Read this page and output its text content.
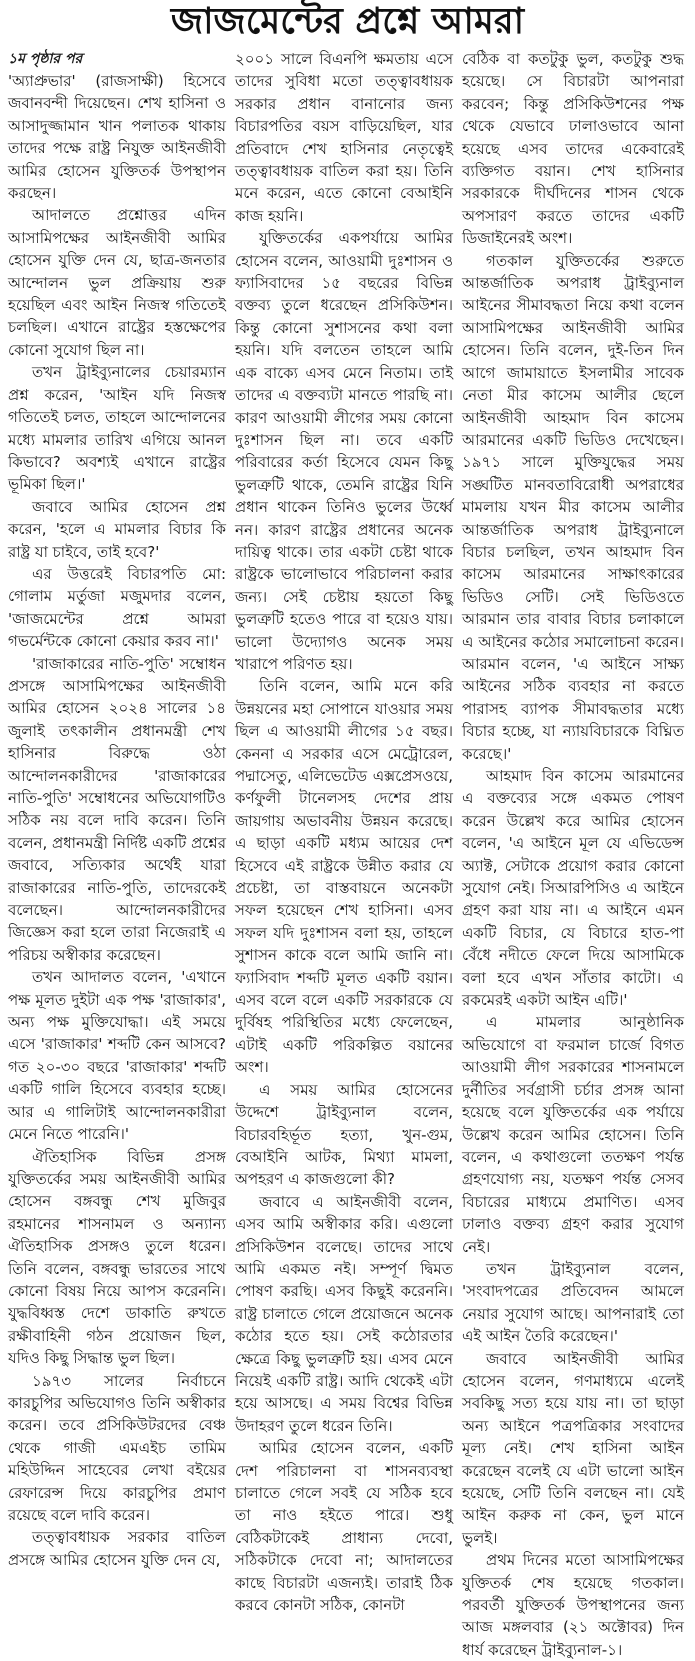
জাজমেন্টের প্রশ্নে আমরা
১ম পৃষ্ঠার পর

'অ্যাপ্রুভার' (রাজসাক্ষী) হিসেবে জবানবন্দী দিয়েছেন। শেখ হাসিনা ও আসাদুজ্জামান খান পলাতক থাকায় তাদের পক্ষে রাষ্ট্র নিযুক্ত আইনজীবী আমির হোসেন যুক্তিতর্ক উপস্থাপন করছেন।

আদালতে প্রশ্নোত্তর এদিন আসামিপক্ষের আইনজীবী আমির হোসেন যুক্তি দেন যে, ছাত্র-জনতার আন্দোলন ভুল প্রক্রিয়ায় শুরু হয়েছিল এবং আইন নিজস্ব গতিতেই চলছিল। এখানে রাষ্ট্রের হস্তক্ষেপের কোনো সুযোগ ছিল না।

তখন ট্রাইব্যুনালের চেয়ারম্যান প্রশ্ন করেন, 'আইন যদি নিজস্ব গতিতেই চলত, তাহলে আন্দোলনের মধ্যে মামলার তারিখ এগিয়ে আনল কিভাবে? অবশ্যই এখানে রাষ্ট্রের ভূমিকা ছিল।'

জবাবে আমির হোসেন প্রশ্ন করেন, 'হলে এ মামলার বিচার কি রাষ্ট্র যা চাইবে, তাই হবে?'

এর উত্তরেই বিচারপতি মো: গোলাম মর্তুজা মজুমদার বলেন, 'জাজমেন্টের প্রশ্নে আমরা গভর্মেন্টকে কোনো কেয়ার করব না।'

'রাজাকারের নাতি-পুতি' সম্বোধন প্রসঙ্গে আসামিপক্ষের আইনজীবী আমির হোসেন ২০২৪ সালের ১৪ জুলাই তৎকালীন প্রধানমন্ত্রী শেখ হাসিনার বিরুদ্ধে ওঠা আন্দোলনকারীদের 'রাজাকারের নাতি-পুতি' সম্বোধনের অভিযোগটিও সঠিক নয় বলে দাবি করেন। তিনি বলেন, প্রধানমন্ত্রী নির্দিষ্ট একটি প্রশ্নের জবাবে, সত্যিকার অর্থেই যারা রাজাকারের নাতি-পুতি, তাদেরকেই বলেছেন। আন্দোলনকারীদের জিজ্ঞেস করা হলে তারা নিজেরাই এ পরিচয় অস্বীকার করেছেন।

তখন আদালত বলেন, 'এখানে পক্ষ মূলত দুইটা এক পক্ষ 'রাজাকার', অন্য পক্ষ মুক্তিযোদ্ধা। এই সময়ে এসে 'রাজাকার' শব্দটি কেন আসবে? গত ২০-৩০ বছরে 'রাজাকার' শব্দটি একটি গালি হিসেবে ব্যবহার হচ্ছে। আর এ গালিটাই আন্দোলনকারীরা মেনে নিতে পারেনি।'

ঐতিহাসিক বিভিন্ন প্রসঙ্গ যুক্তিতর্কের সময় আইনজীবী আমির হোসেন বঙ্গবন্ধু শেখ মুজিবুর রহমানের শাসনামল ও অন্যান্য ঐতিহাসিক প্রসঙ্গও তুলে ধরেন। তিনি বলেন, বঙ্গবন্ধু ভারতের সাথে কোনো বিষয় নিয়ে আপস করেননি। যুদ্ধবিধ্বস্ত দেশে ডাকাতি রুখতে রক্ষীবাহিনী গঠন প্রয়োজন ছিল, যদিও কিছু সিদ্ধান্ত ভুল ছিল।

১৯৭৩ সালের নির্বাচনে কারচুপির অভিযোগও তিনি অস্বীকার করেন। তবে প্রসিকিউটরদের বেঞ্চ থেকে গাজী এমএইচ তামিম মহিউদ্দিন সাহেবের লেখা বইয়ের রেফারেন্স দিয়ে কারচুপির প্রমাণ রয়েছে বলে দাবি করেন।

তত্ত্বাবধায়ক সরকার বাতিল প্রসঙ্গে আমির হোসেন যুক্তি দেন যে,

২০০১ সালে বিএনপি ক্ষমতায় এসে তাদের সুবিধা মতো তত্ত্বাবধায়ক সরকার প্রধান বানানোর জন্য বিচারপতির বয়স বাড়িয়েছিল, যার প্রতিবাদে শেখ হাসিনার নেতৃত্বেই তত্ত্বাবধায়ক বাতিল করা হয়। তিনি মনে করেন, এতে কোনো বেআইনি কাজ হয়নি।

যুক্তিতর্কের একপর্যায়ে আমির হোসেন বলেন, আওয়ামী দুঃশাসন ও ফ্যাসিবাদের ১৫ বছরের বিভিন্ন বক্তব্য তুলে ধরেছেন প্রসিকিউশন। কিন্তু কোনো সুশাসনের কথা বলা হয়নি। যদি বলতেন তাহলে আমি এক বাক্যে এসব মেনে নিতাম। তাই তাদের এ বক্তব্যটা মানতে পারছি না। কারণ আওয়ামী লীগের সময় কোনো দুঃশাসন ছিল না। তবে একটি পরিবারের কর্তা হিসেবে যেমন কিছু ভুলত্রুটি থাকে, তেমনি রাষ্ট্রের যিনি প্রধান থাকেন তিনিও ভুলের উর্ধ্বে নন। কারণ রাষ্ট্রের প্রধানের অনেক দায়িত্ব থাকে। তার একটা চেষ্টা থাকে রাষ্ট্রকে ভালোভাবে পরিচালনা করার জন্য। সেই চেষ্টায় হয়তো কিছু ভুলত্রুটি হতেও পারে বা হয়েও যায়। ভালো উদ্যোগও অনেক সময় খারাপে পরিণত হয়।

তিনি বলেন, আমি মনে করি উন্নয়নের মহা সোপানে যাওয়ার সময় ছিল এ আওয়ামী লীগের ১৫ বছর। কেননা এ সরকার এসে মেট্রোরেল, পদ্মাসেতু, এলিভেটেড এক্সপ্রেসওয়ে, কর্ণফুলী টানেলসহ দেশের প্রায় জায়গায় অভাবনীয় উন্নয়ন করেছে। এ ছাড়া একটি মধ্যম আয়ের দেশ হিসেবে এই রাষ্ট্রকে উন্নীত করার যে প্রচেষ্টা, তা বাস্তবায়নে অনেকটা সফল হয়েছেন শেখ হাসিনা। এসব সফল যদি দুঃশাসন বলা হয়, তাহলে সুশাসন কাকে বলে আমি জানি না। ফ্যাসিবাদ শব্দটি মূলত একটি বয়ান। এসব বলে বলে একটি সরকারকে যে দুর্বিষহ পরিস্থিতির মধ্যে ফেলেছেন, এটাই একটি পরিকল্পিত বয়ানের অংশ।

এ সময় আমির হোসেনের উদ্দেশে ট্রাইব্যুনাল বলেন, বিচারবহির্ভূত হত্যা, খুন-গুম, বেআইনি আটক, মিথ্যা মামলা, অপহরণ এ কাজগুলো কী?

জবাবে এ আইনজীবী বলেন, এসব আমি অস্বীকার করি। এগুলো প্রসিকিউশন বলেছে। তাদের সাথে আমি একমত নই। সম্পূর্ণ দ্বিমত পোষণ করছি। এসব কিছুই করেননি। রাষ্ট্র চালাতে গেলে প্রয়োজনে অনেক কঠোর হতে হয়। সেই কঠোরতার ক্ষেত্রে কিছু ভুলত্রুটি হয়। এসব মেনে নিয়েই একটি রাষ্ট্র। আদি থেকেই এটা হয়ে আসছে। এ সময় বিশ্বের বিভিন্ন উদাহরণ তুলে ধরেন তিনি।

আমির হোসেন বলেন, একটি দেশ পরিচালনা বা শাসনব্যবস্থা চালাতে গেলে সবই যে সঠিক হবে তা নাও হইতে পারে। শুধু বেঠিকটাকেই প্রাধান্য দেবো, সঠিকটাকে দেবো না; আদালতের কাছে বিচারটা এজন্যই। তারাই ঠিক করবে কোনটা সঠিক, কোনটা

বেঠিক বা কতটুকু ভুল, কতটুকু শুদ্ধ হয়েছে। সে বিচারটা আপনারা করবেন; কিন্তু প্রসিকিউশনের পক্ষ থেকে যেভাবে ঢালাওভাবে আনা হয়েছে এসব তাদের একেবারেই ব্যক্তিগত বয়ান। শেখ হাসিনার সরকারকে দীর্ঘদিনের শাসন থেকে অপসারণ করতে তাদের একটি ডিজাইনেরই অংশ।

গতকাল যুক্তিতর্কের শুরুতে আন্তর্জাতিক অপরাধ ট্রাইব্যুনাল আইনের সীমাবদ্ধতা নিয়ে কথা বলেন আসামিপক্ষের আইনজীবী আমির হোসেন। তিনি বলেন, দুই-তিন দিন আগে জামায়াতে ইসলামীর সাবেক নেতা মীর কাসেম আলীর ছেলে আইনজীবী আহমাদ বিন কাসেম আরমানের একটি ভিডিও দেখেছেন। ১৯৭১ সালে মুক্তিযুদ্ধের সময় সঙ্ঘটিত মানবতাবিরোধী অপরাধের মামলায় যখন মীর কাসেম আলীর আন্তর্জাতিক অপরাধ ট্রাইব্যুনালে বিচার চলছিল, তখন আহমাদ বিন কাসেম আরমানের সাক্ষাৎকারের ভিডিও সেটি। সেই ভিডিওতে আরমান তার বাবার বিচার চলাকালে এ আইনের কঠোর সমালোচনা করেন। আরমান বলেন, 'এ আইনে সাক্ষ্য আইনের সঠিক ব্যবহার না করতে পারাসহ ব্যাপক সীমাবদ্ধতার মধ্যে বিচার হচ্ছে, যা ন্যায়বিচারকে বিঘ্নিত করেছে।'

আহমাদ বিন কাসেম আরমানের এ বক্তব্যের সঙ্গে একমত পোষণ করেন উল্লেখ করে আমির হোসেন বলেন, 'এ আইনে মূল যে এভিডেন্স অ্যাক্ট, সেটাকে প্রয়োগ করার কোনো সুযোগ নেই। সিআরপিসিও এ আইনে গ্রহণ করা যায় না। এ আইনে এমন একটি বিচার, যে বিচারে হাত-পা বেঁধে নদীতে ফেলে দিয়ে আসামিকে বলা হবে এখন সাঁতার কাটো। এ রকমেরই একটা আইন এটি।'

এ মামলার আনুষ্ঠানিক অভিযোগে বা ফরমাল চার্জে বিগত আওয়ামী লীগ সরকারের শাসনামলে দুর্নীতির সর্বগ্রাসী চর্চার প্রসঙ্গ আনা হয়েছে বলে যুক্তিতর্কের এক পর্যায়ে উল্লেখ করেন আমির হোসেন। তিনি বলেন, এ কথাগুলো ততক্ষণ পর্যন্ত গ্রহণযোগ্য নয়, যতক্ষণ পর্যন্ত সেসব বিচারের মাধ্যমে প্রমাণিত। এসব ঢালাও বক্তব্য গ্রহণ করার সুযোগ নেই।

তখন ট্রাইব্যুনাল বলেন, 'সংবাদপত্রের প্রতিবেদন আমলে নেয়ার সুযোগ আছে। আপনারাই তো এই আইন তৈরি করেছেন।'

জবাবে আইনজীবী আমির হোসেন বলেন, গণমাধ্যমে এলেই সবকিছু সত্য হয়ে যায় না। তা ছাড়া অন্য আইনে পত্রপত্রিকার সংবাদের মূল্য নেই। শেখ হাসিনা আইন করেছেন বলেই যে এটা ভালো আইন হয়েছে, সেটি তিনি বলছেন না। যেই আইন করুক না কেন, ভুল মানে ভুলই।

প্রথম দিনের মতো আসামিপক্ষের যুক্তিতর্ক শেষ হয়েছে গতকাল। পরবর্তী যুক্তিতর্ক উপস্থাপনের জন্য আজ মঙ্গলবার (২১ অক্টোবর) দিন ধার্য করেছেন ট্রাইব্যুনাল-১।
